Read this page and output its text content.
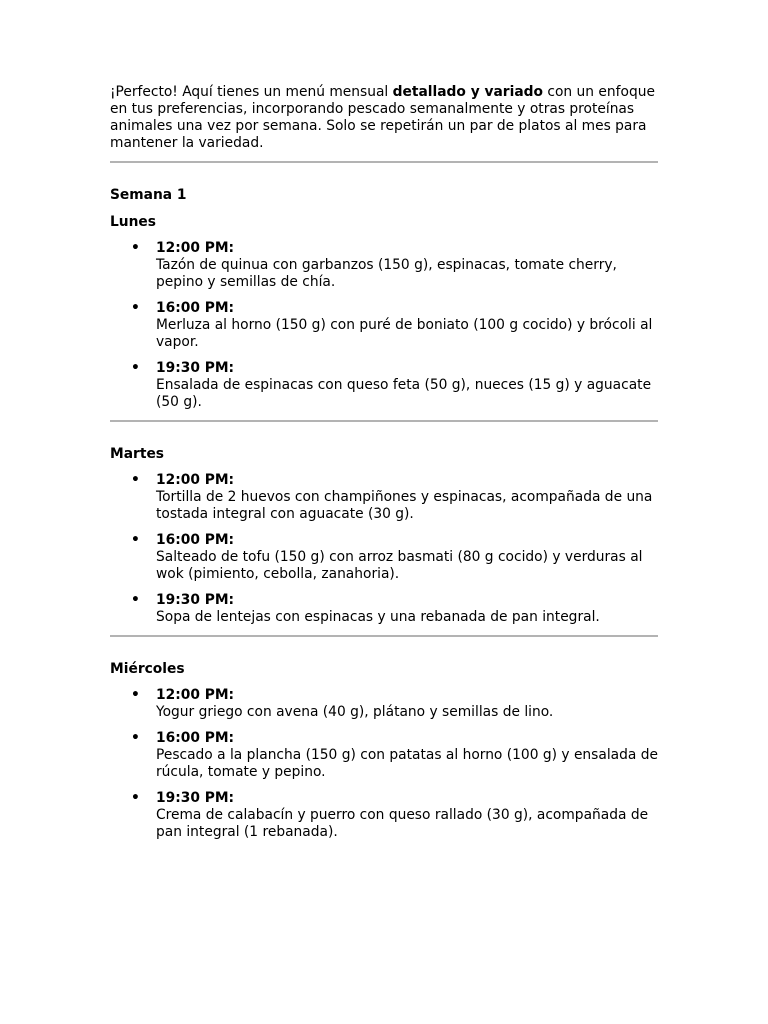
¡Perfecto! Aquí tienes un menú mensual detallado y variado con un enfoque en tus preferencias, incorporando pescado semanalmente y otras proteínas animales una vez por semana. Solo se repetirán un par de platos al mes para mantener la variedad.

Semana 1
Lunes
• 12:00 PM:
Tazón de quinua con garbanzos (150 g), espinacas, tomate cherry, pepino y semillas de chía.
• 16:00 PM:
Merluza al horno (150 g) con puré de boniato (100 g cocido) y brócoli al vapor.
• 19:30 PM:
Ensalada de espinacas con queso feta (50 g), nueces (15 g) y aguacate (50 g).
Martes
• 12:00 PM:
Tortilla de 2 huevos con champiñones y espinacas, acompañada de una tostada integral con aguacate (30 g).
• 16:00 PM:
Salteado de tofu (150 g) con arroz basmati (80 g cocido) y verduras al wok (pimiento, cebolla, zanahoria).
• 19:30 PM:
Sopa de lentejas con espinacas y una rebanada de pan integral.
Miércoles
• 12:00 PM:
Yogur griego con avena (40 g), plátano y semillas de lino.
• 16:00 PM:
Pescado a la plancha (150 g) con patatas al horno (100 g) y ensalada de rúcula, tomate y pepino.
• 19:30 PM:
Crema de calabacín y puerro con queso rallado (30 g), acompañada de pan integral (1 rebanada).
